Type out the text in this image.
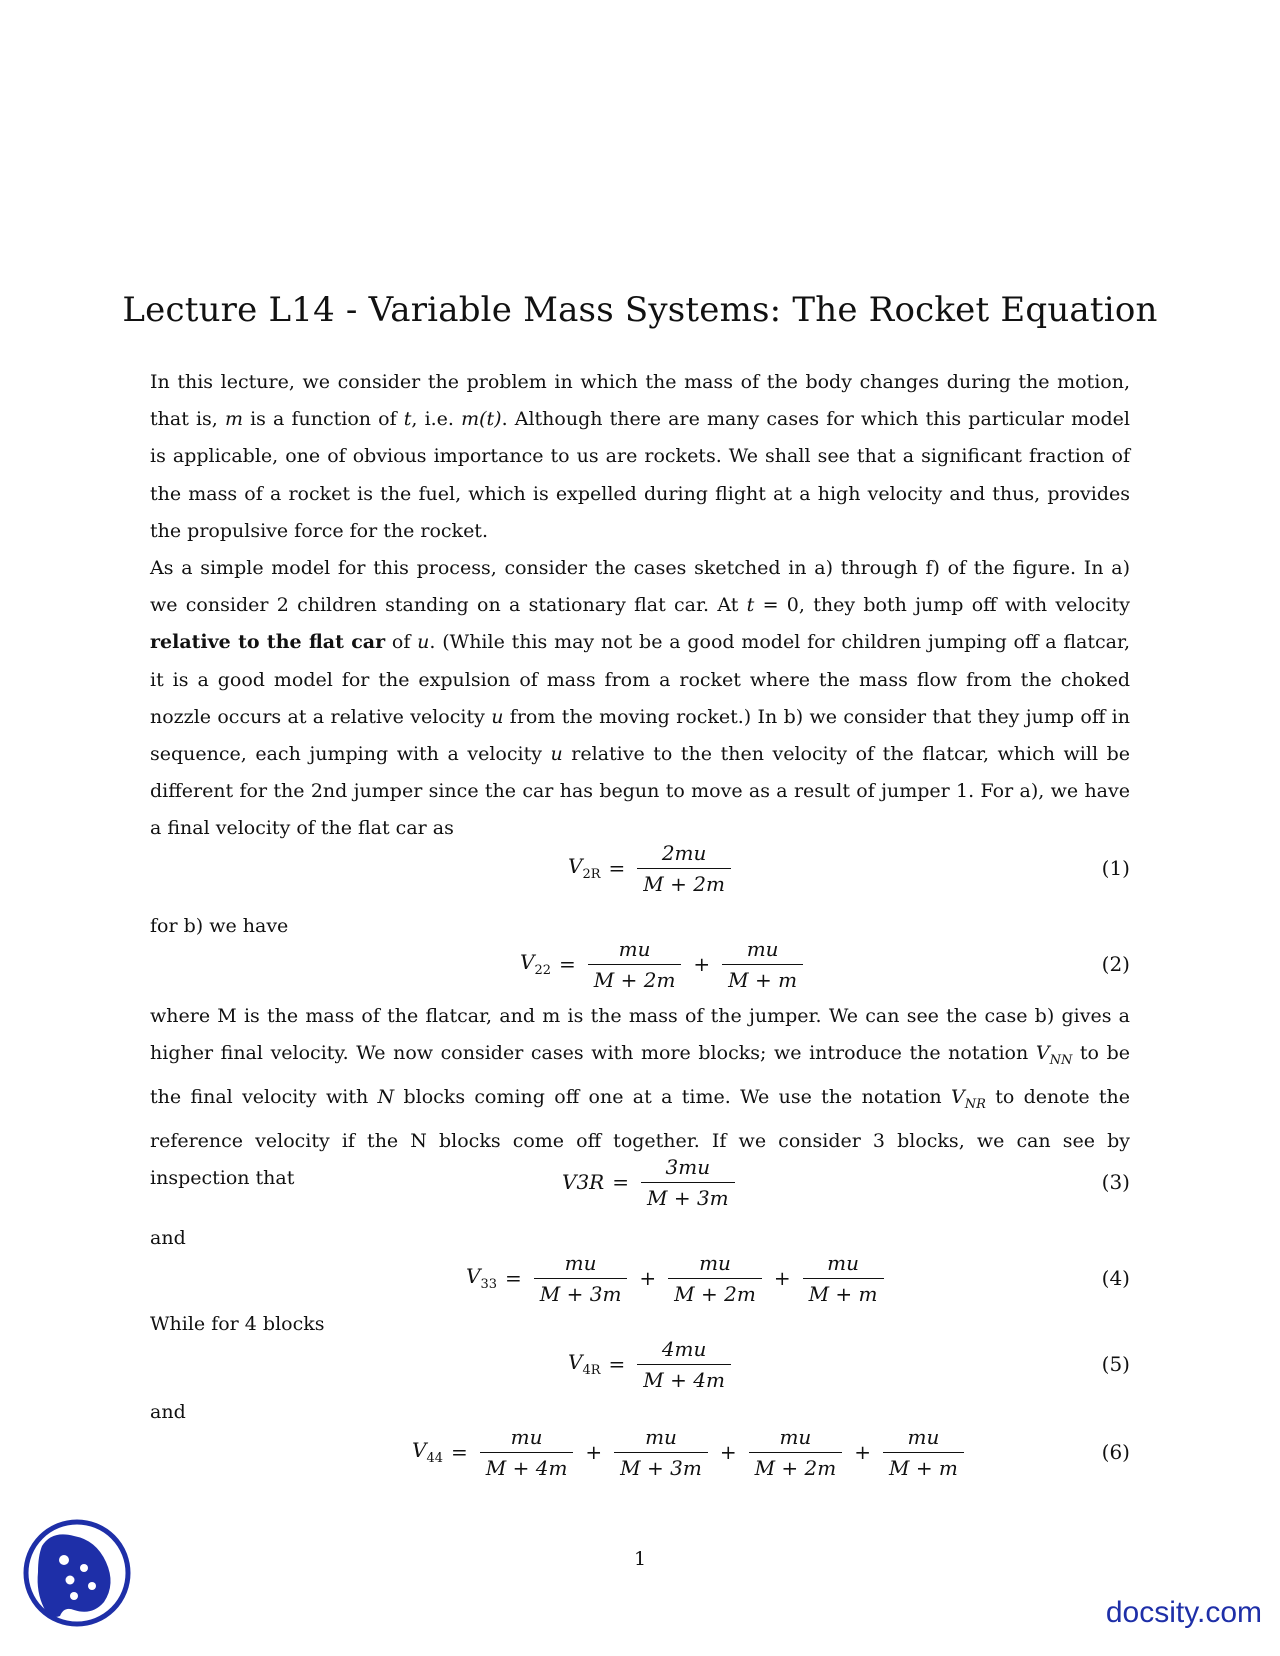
Lecture L14 - Variable Mass Systems: The Rocket Equation

In this lecture, we consider the problem in which the mass of the body changes during the motion, that is, m is a function of t, i.e. m(t). Although there are many cases for which this particular model is applicable, one of obvious importance to us are rockets. We shall see that a significant fraction of the mass of a rocket is the fuel, which is expelled during flight at a high velocity and thus, provides the propulsive force for the rocket.

As a simple model for this process, consider the cases sketched in a) through f) of the figure. In a) we consider 2 children standing on a stationary flat car. At t = 0, they both jump off with velocity relative to the flat car of u. (While this may not be a good model for children jumping off a flatcar, it is a good model for the expulsion of mass from a rocket where the mass flow from the choked nozzle occurs at a relative velocity u from the moving rocket.) In b) we consider that they jump off in sequence, each jumping with a velocity u relative to the then velocity of the flatcar, which will be different for the 2nd jumper since the car has begun to move as a result of jumper 1. For a), we have a final velocity of the flat car as

$V_{2R} = \frac{2mu}{M + 2m}$	(1)

for b) we have

$V_{22} = \frac{mu}{M + 2m} + \frac{mu}{M + m}$	(2)

where M is the mass of the flatcar, and m is the mass of the jumper. We can see the case b) gives a higher final velocity. We now consider cases with more blocks; we introduce the notation $V_{NN}$ to be the final velocity with N blocks coming off one at a time. We use the notation $V_{NR}$ to denote the reference velocity if the N blocks come off together. If we consider 3 blocks, we can see by inspection that	$V3R = \frac{3mu}{M + 3m}$	(3)

and

$V_{33} = \frac{mu}{M + 3m} + \frac{mu}{M + 2m} + \frac{mu}{M + m}$	(4)

While for 4 blocks

$V_{4R} = \frac{4mu}{M + 4m}$	(5)

and

$V_{44} = \frac{mu}{M + 4m} + \frac{mu}{M + 3m} + \frac{mu}{M + 2m} + \frac{mu}{M + m}$	(6)
1
docsity.com
